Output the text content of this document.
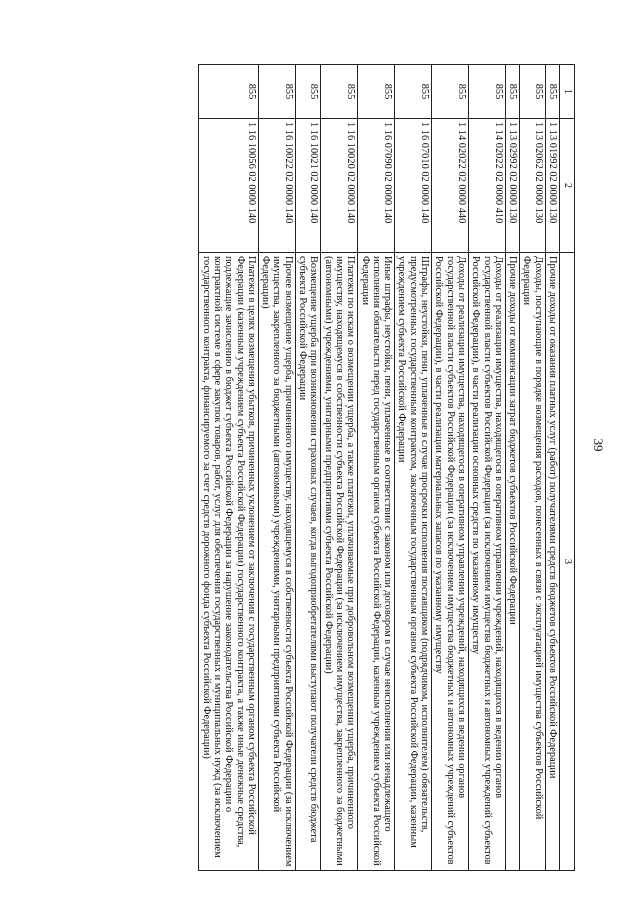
39
1	2	3
855	1 13 01992 02 0000 130	Прочие доходы от оказания платных услуг (работ) получателями средств бюджетов субъектов Российской Федерации
855	1 13 02062 02 0000 130	Доходы, поступающие в порядке возмещения расходов, понесенных в связи с эксплуатацией имущества субъектов Российской Федерации
855	1 13 02992 02 0000 130	Прочие доходы от компенсации затрат бюджетов субъектов Российской Федерации
855	1 14 02022 02 0000 410	Доходы от реализации имущества, находящегося в оперативном управлении учреждений, находящихся в ведении органов государственной власти субъектов Российской Федерации (за исключением имущества бюджетных и автономных учреждений субъектов Российской Федерации), в части реализации основных средств по указанному имуществу
855	1 14 02022 02 0000 440	Доходы от реализации имущества, находящегося в оперативном управлении учреждений, находящихся в ведении органов государственной власти субъектов Российской Федерации (за исключением имущества бюджетных и автономных учреждений субъектов Российской Федерации), в части реализации материальных запасов по указанному имуществу
855	1 16 07010 02 0000 140	Штрафы, неустойки, пени, уплаченные в случае просрочки исполнения поставщиком (подрядчиком, исполнителем) обязательств, предусмотренных государственным контрактом, заключенным государственным органом субъекта Российской Федерации, казенным учреждением субъекта Российской Федерации
855	1 16 07090 02 0000 140	Иные штрафы, неустойки, пени, уплаченные в соответствии с законом или договором в случае неисполнения или ненадлежащего исполнения обязательств перед государственным органом субъекта Российской Федерации, казенным учреждением субъекта Российской Федерации
855	1 16 10020 02 0000 140	Платежи по искам о возмещении ущерба, а также платежи, уплачиваемые при добровольном возмещении ущерба, причиненного имуществу, находящемуся в собственности субъекта Российской Федерации (за исключением имущества, закрепленного за бюджетными (автономными) учреждениями, унитарными предприятиями субъекта Российской Федерации)
855	1 16 10021 02 0000 140	Возмещение ущерба при возникновении страховых случаев, когда выгодоприобретателями выступают получатели средств бюджета субъекта Российской Федерации
855	1 16 10022 02 0000 140	Прочее возмещение ущерба, причиненного имуществу, находящемуся в собственности субъекта Российской Федерации (за исключением имущества, закрепленного за бюджетными (автономными) учреждениями, унитарными предприятиями субъекта Российской Федерации)
855	1 16 10056 02 0000 140	Платежи в целях возмещения убытков, причиненных уклонением от заключения с государственным органом субъекта Российской Федерации (казенным учреждением субъекта Российской Федерации) государственного контракта, а также иные денежные средства, подлежащие зачислению в бюджет субъекта Российской Федерации за нарушение законодательства Российской Федерации о контрактной системе в сфере закупок товаров, работ, услуг для обеспечения государственных и муниципальных нужд (за исключением государственного контракта, финансируемого за счет средств дорожного фонда субъекта Российской Федерации)
